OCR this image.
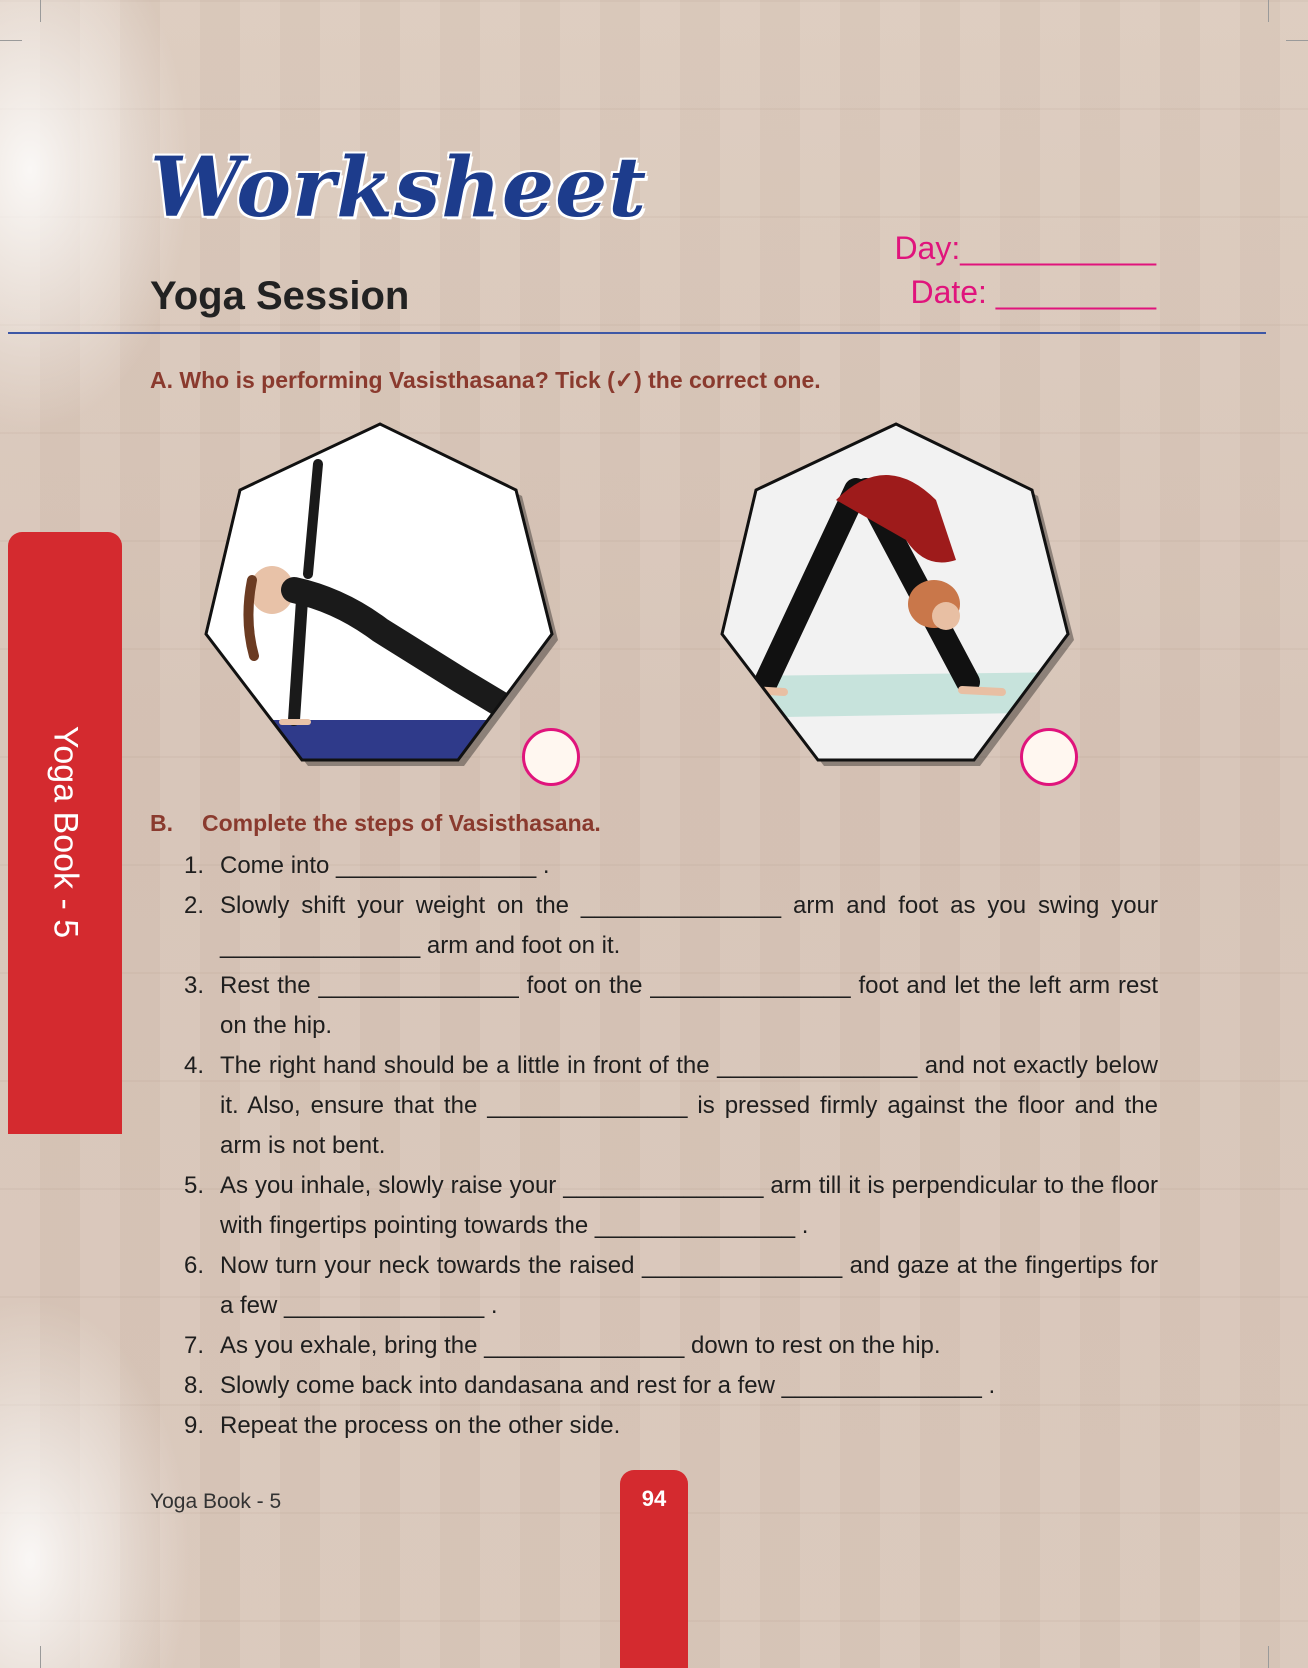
Worksheet
Yoga Session
Day:___________
Date: _________
Yoga Book - 5
A. Who is performing Vasisthasana? Tick (✓) the correct one.
B. Complete the steps of Vasisthasana.
1. Come into _______________ .
2. Slowly shift your weight on the _______________ arm and foot as you swing your _______________ arm and foot on it.
3. Rest the _______________ foot on the _______________ foot and let the left arm rest on the hip.
4. The right hand should be a little in front of the _______________ and not exactly below it. Also, ensure that the _______________ is pressed firmly against the floor and the arm is not bent.
5. As you inhale, slowly raise your _______________ arm till it is perpendicular to the floor with fingertips pointing towards the _______________ .
6. Now turn your neck towards the raised _______________ and gaze at the fingertips for a few _______________ .
7. As you exhale, bring the _______________ down to rest on the hip.
8. Slowly come back into dandasana and rest for a few _______________ .
9. Repeat the process on the other side.
Yoga Book - 5	94
